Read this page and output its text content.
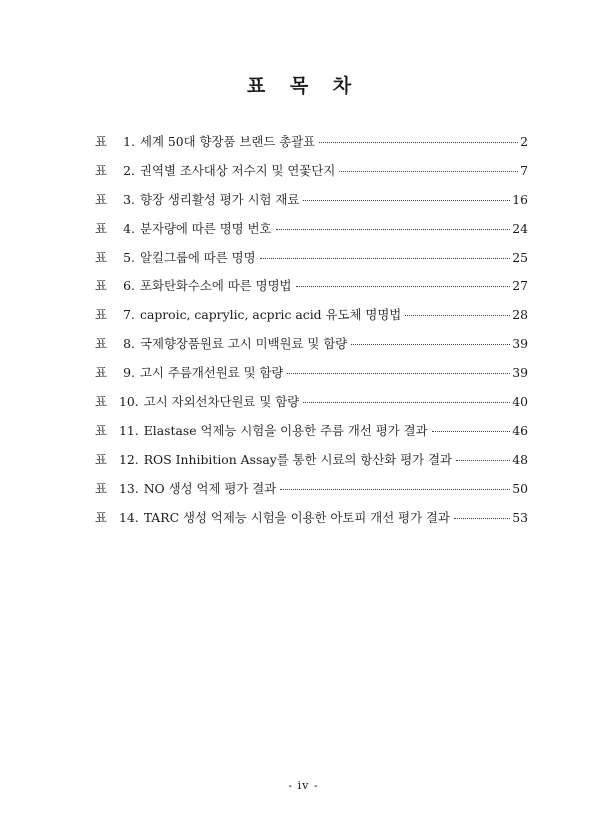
표 목 차
표	1. 세계 50대 향장품 브랜드 총괄표	2
표	2. 권역별 조사대상 저수지 및 연꽃단지	7
표	3. 향장 생리활성 평가 시험 재료	16
표	4. 분자량에 따른 명명 번호	24
표	5. 알킬그룹에 따른 명명	25
표	6. 포화탄화수소에 따른 명명법	27
표	7. caproic, caprylic, acpric acid 유도체 명명법	28
표	8. 국제향장품원료 고시 미백원료 및 함량	39
표	9. 고시 주름개선원료 및 함량	39
표 10. 고시 자외선차단원료 및 함량	40
표 11. Elastase 억제능 시험을 이용한 주름 개선 평가 결과	46
표 12. ROS Inhibition Assay를 통한 시료의 항산화 평가 결과	48
표 13. NO 생성 억제 평가 결과	50
표 14. TARC 생성 억제능 시험을 이용한 아토피 개선 평가 결과	53
- iv -
